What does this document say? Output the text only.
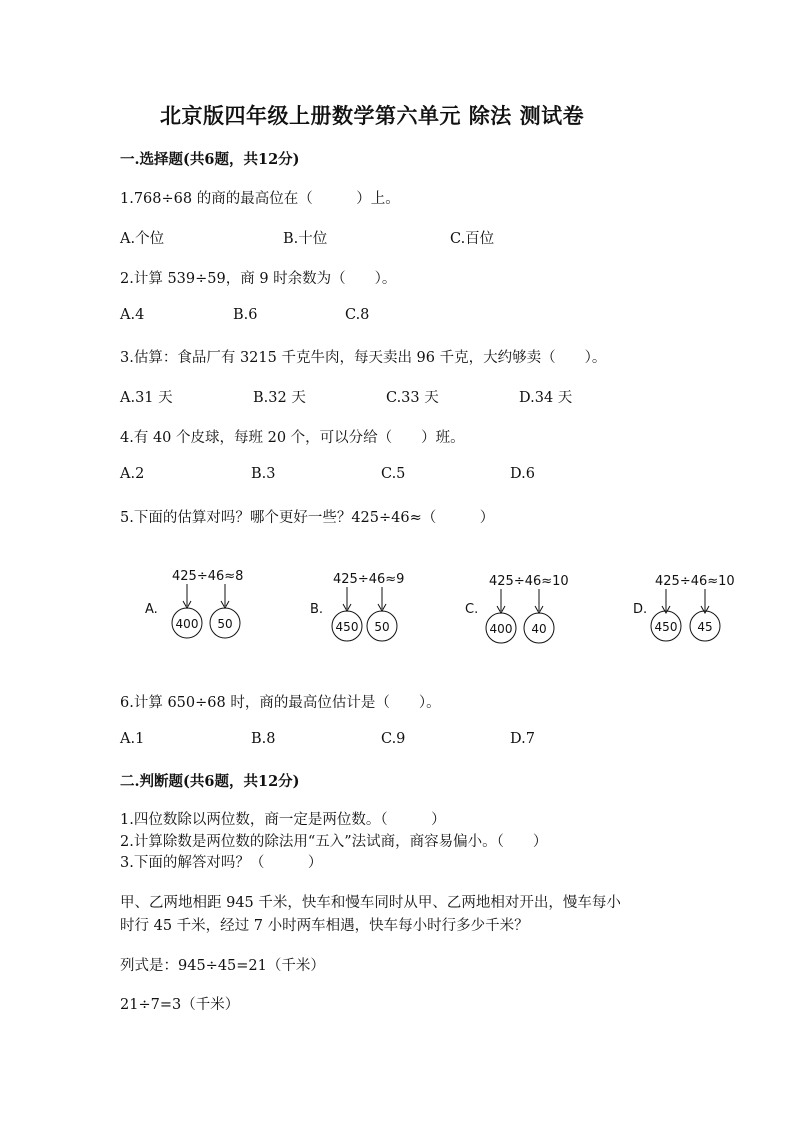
北京版四年级上册数学第六单元 除法 测试卷
一.选择题(共6题，共12分)
1.768÷68 的商的最高位在（　　　）上。
A.个位	B.十位	C.百位
2.计算 539÷59，商 9 时余数为（　　）。
A.4	B.6	C.8
3.估算：食品厂有 3215 千克牛肉，每天卖出 96 千克，大约够卖（　　）。
A.31 天	B.32 天	C.33 天	D.34 天
4.有 40 个皮球，每班 20 个，可以分给（　　）班。
A.2	B.3	C.5	D.6
5.下面的估算对吗？哪个更好一些？425÷46≈（　　　）
A.
425÷46≈8
400 50
B.
425÷46≈9
450 50
C.
425÷46≈10
400 40
D.
425÷46≈10
450 45
6.计算 650÷68 时，商的最高位估计是（　　）。
A.1	B.8	C.9	D.7
二.判断题(共6题，共12分)
1.四位数除以两位数，商一定是两位数。（　　　）
2.计算除数是两位数的除法用“五入”法试商，商容易偏小。（　　）
3.下面的解答对吗？（　　　）
甲、乙两地相距 945 千米，快车和慢车同时从甲、乙两地相对开出，慢车每小
时行 45 千米，经过 7 小时两车相遇，快车每小时行多少千米？
列式是：945÷45=21（千米）
21÷7=3（千米）
